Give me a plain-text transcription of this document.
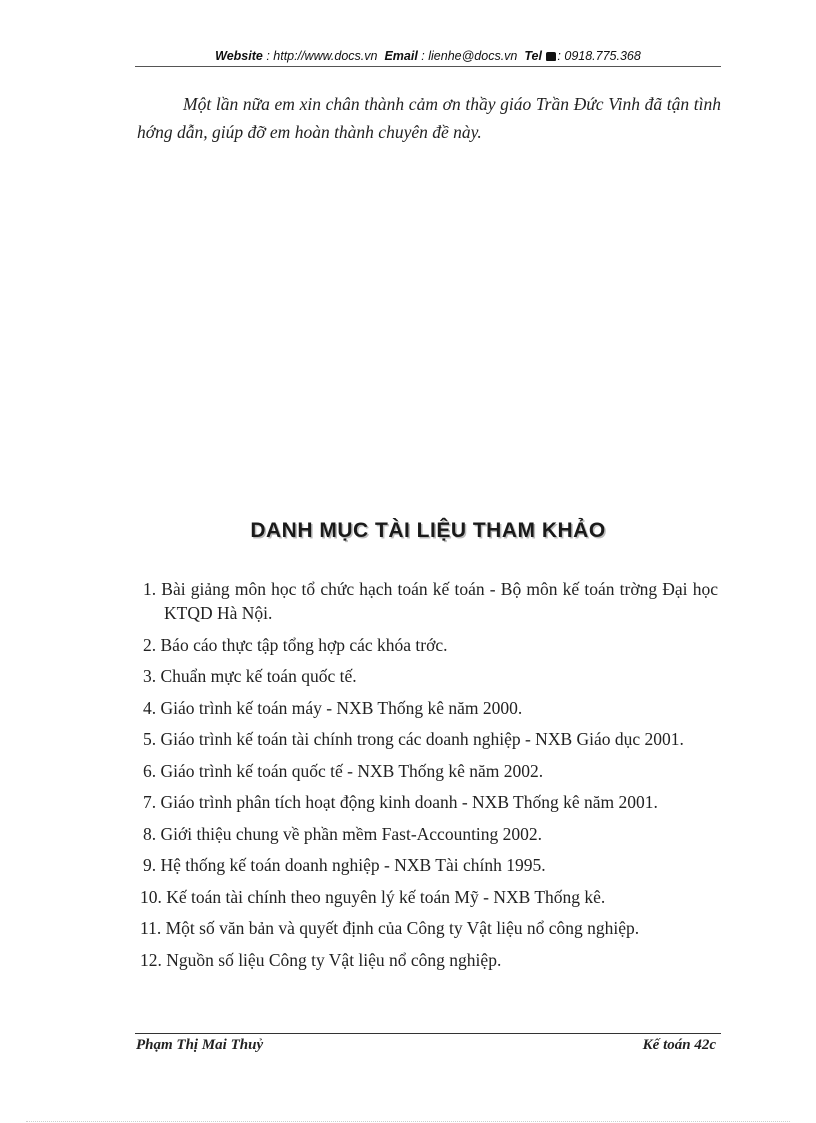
Website : http://www.docs.vn Email : lienhe@docs.vn Tel : 0918.775.368

Một lần nữa em xin chân thành cảm ơn thầy giáo Trần Đức Vinh đã tận tình hớng dẫn, giúp đỡ em hoàn thành chuyên đề này.

DANH MỤC TÀI LIỆU THAM KHẢO
1. Bài giảng môn học tổ chức hạch toán kế toán - Bộ môn kế toán trờng Đại học KTQD Hà Nội.
2. Báo cáo thực tập tổng hợp các khóa trớc.
3. Chuẩn mực kế toán quốc tế.
4. Giáo trình kế toán máy - NXB Thống kê năm 2000.
5. Giáo trình kế toán tài chính trong các doanh nghiệp - NXB Giáo dục 2001.
6. Giáo trình kế toán quốc tế - NXB Thống kê năm 2002.
7. Giáo trình phân tích hoạt động kinh doanh - NXB Thống kê năm 2001.
8. Giới thiệu chung về phần mềm Fast-Accounting 2002.
9. Hệ thống kế toán doanh nghiệp - NXB Tài chính 1995.
10. Kế toán tài chính theo nguyên lý kế toán Mỹ - NXB Thống kê.
11. Một số văn bản và quyết định của Công ty Vật liệu nổ công nghiệp.
12. Nguồn số liệu Công ty Vật liệu nổ công nghiệp.
Phạm Thị Mai Thuỷ	Kế toán 42c
